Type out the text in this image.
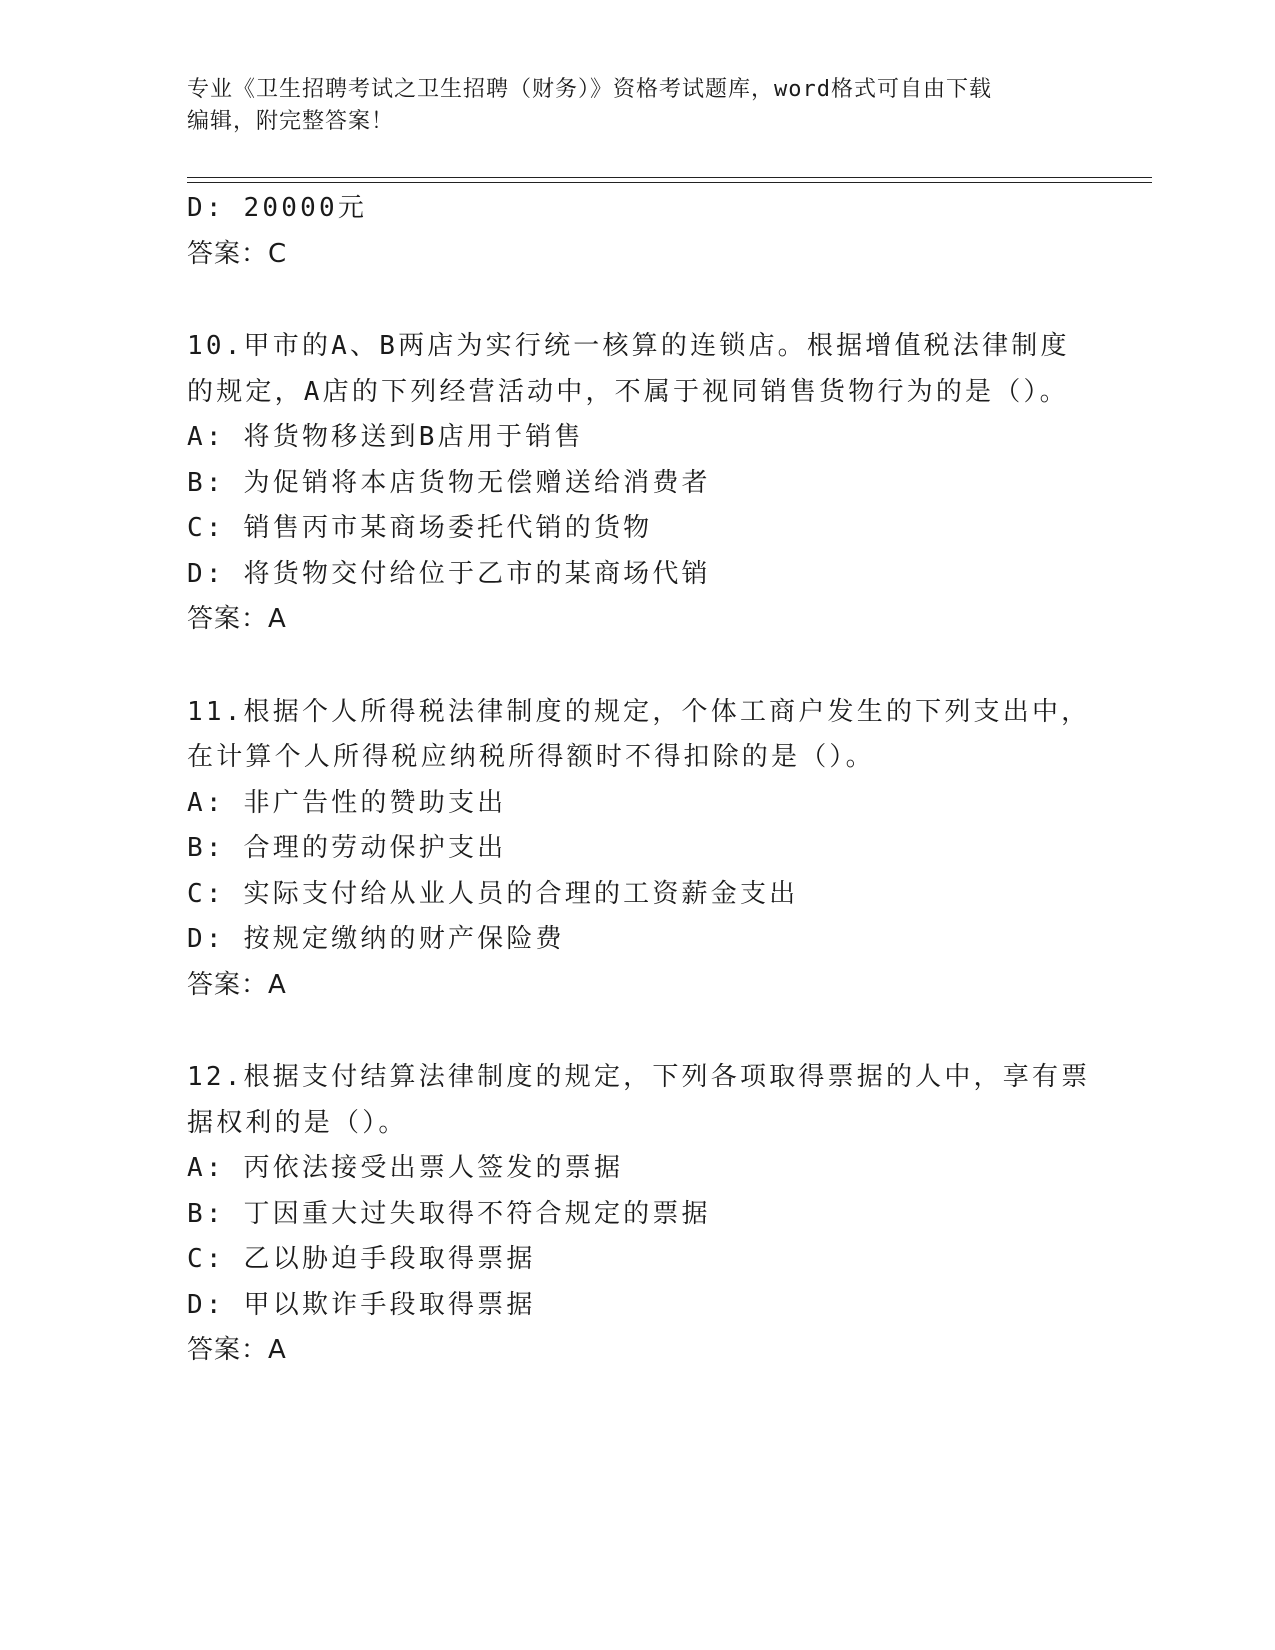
专业《卫生招聘考试之卫生招聘（财务）》资格考试题库，word格式可自由下载
编辑，附完整答案！
D: 20000元
答案：C
10.甲市的A、B两店为实行统一核算的连锁店。根据增值税法律制度
的规定，A店的下列经营活动中，不属于视同销售货物行为的是（）。
A: 将货物移送到B店用于销售
B: 为促销将本店货物无偿赠送给消费者
C: 销售丙市某商场委托代销的货物
D: 将货物交付给位于乙市的某商场代销
答案：A
11.根据个人所得税法律制度的规定，个体工商户发生的下列支出中，
在计算个人所得税应纳税所得额时不得扣除的是（）。
A: 非广告性的赞助支出
B: 合理的劳动保护支出
C: 实际支付给从业人员的合理的工资薪金支出
D: 按规定缴纳的财产保险费
答案：A
12.根据支付结算法律制度的规定，下列各项取得票据的人中，享有票
据权利的是（）。
A: 丙依法接受出票人签发的票据
B: 丁因重大过失取得不符合规定的票据
C: 乙以胁迫手段取得票据
D: 甲以欺诈手段取得票据
答案：A
